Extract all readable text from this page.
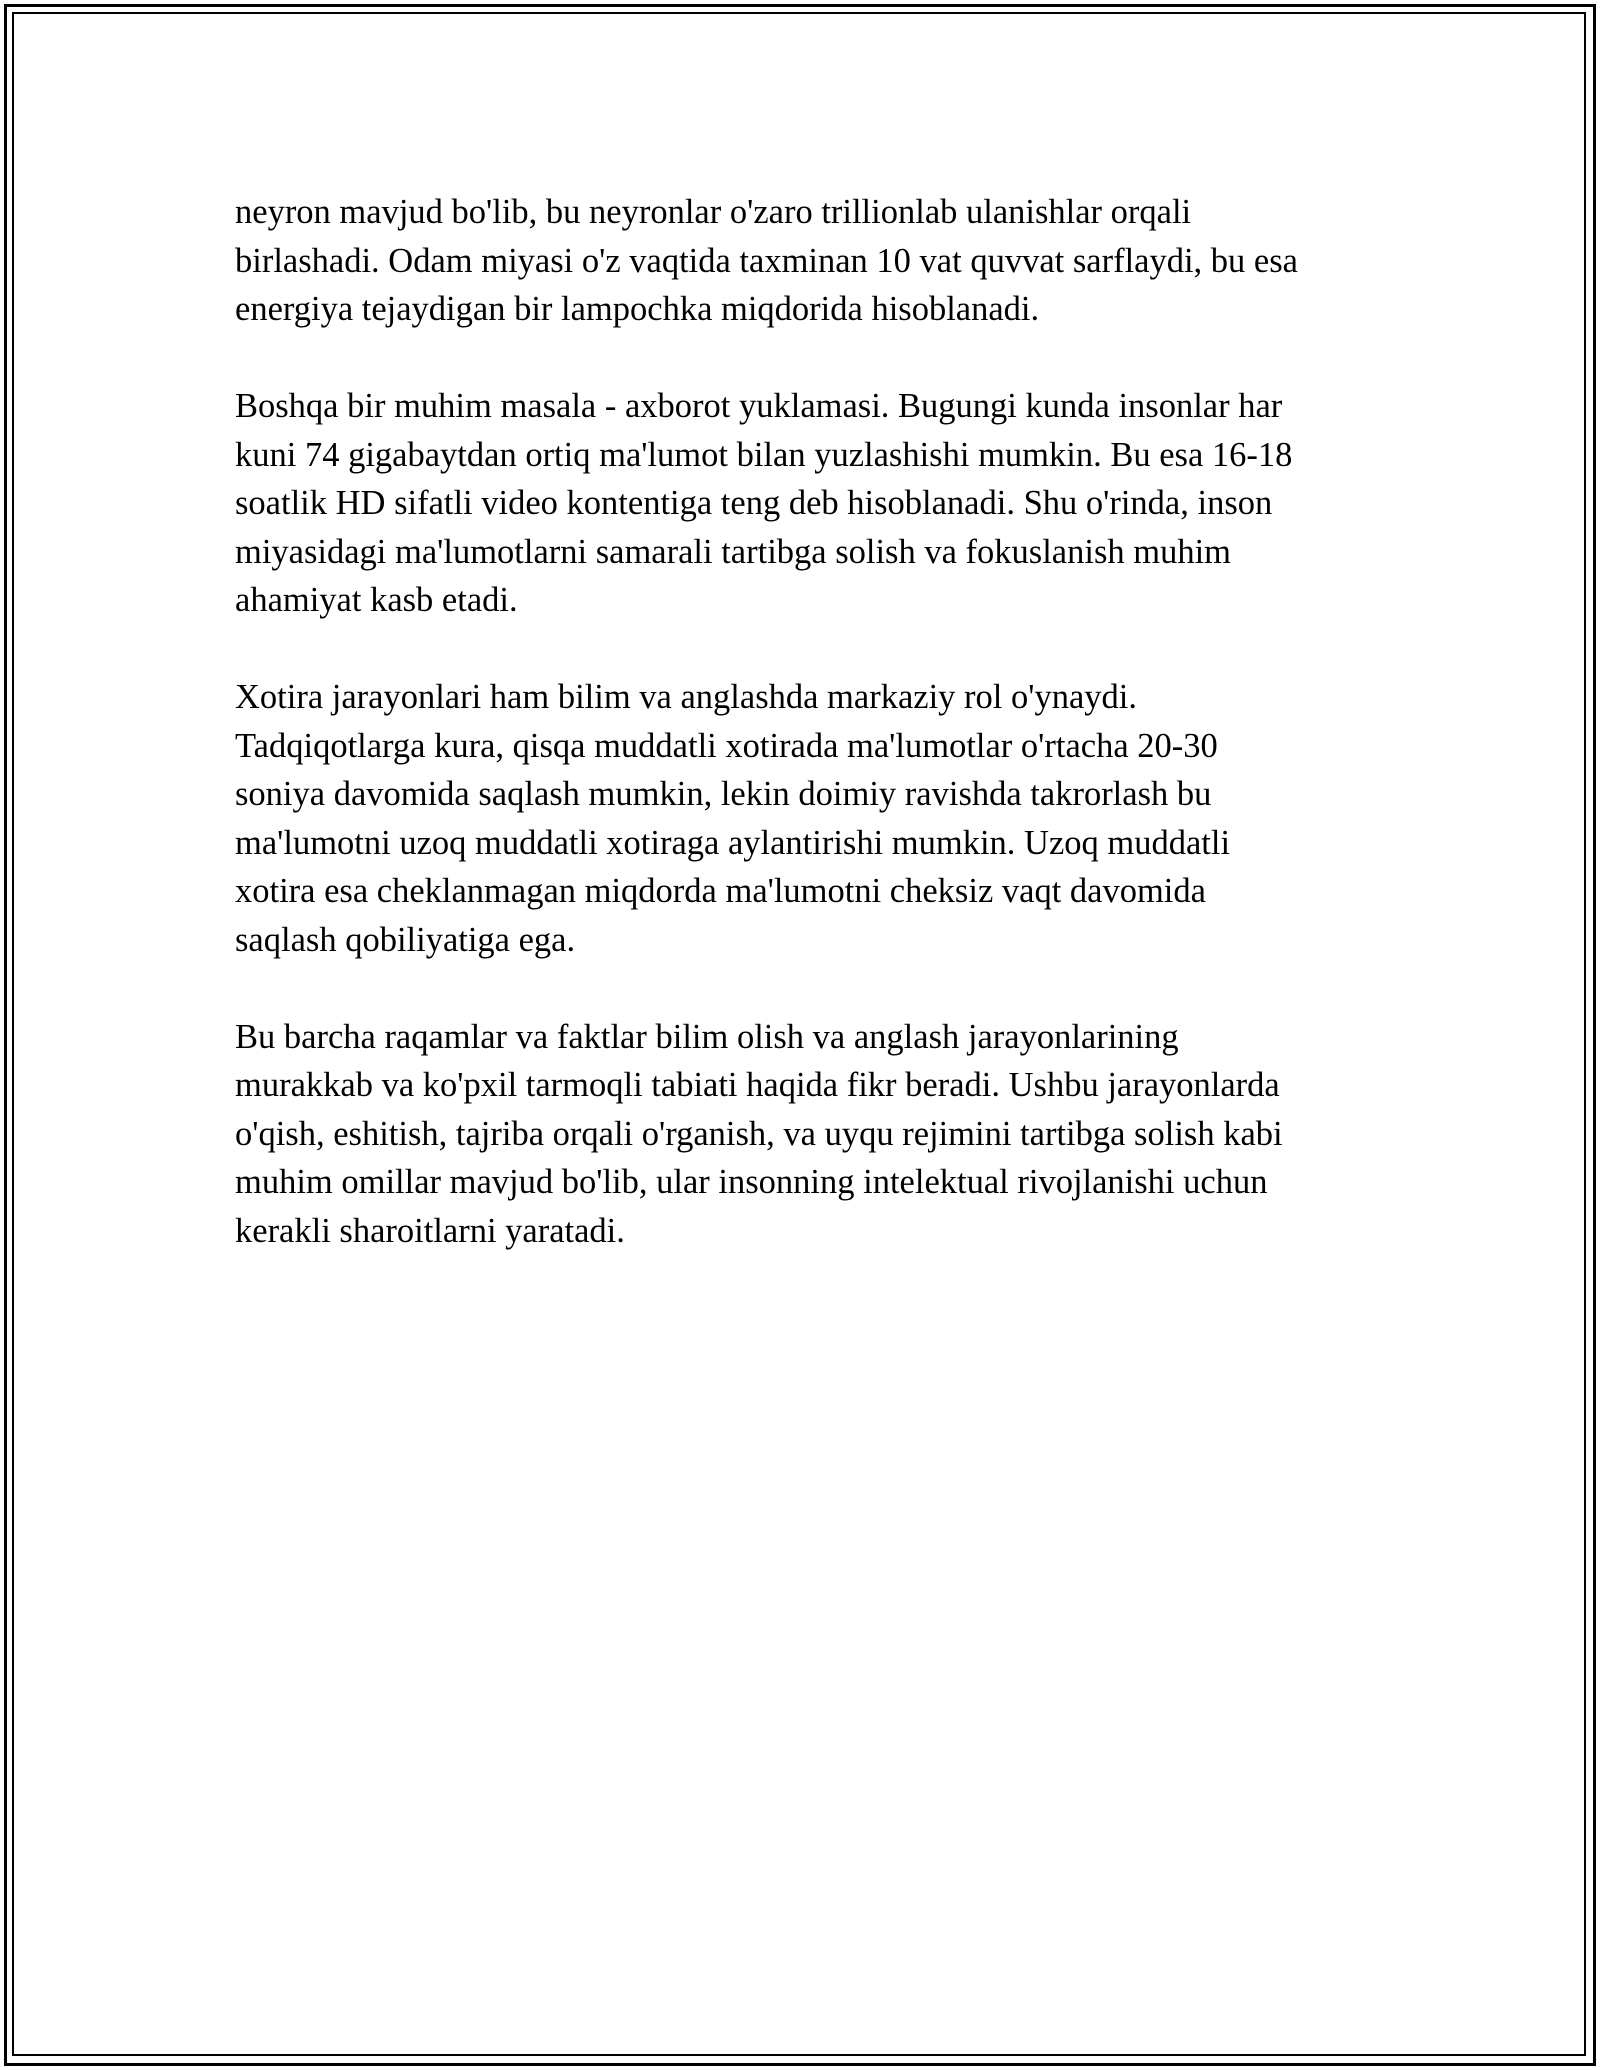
neyron mavjud bo'lib, bu neyronlar o'zaro trillionlab ulanishlar orqali
birlashadi. Odam miyasi o'z vaqtida taxminan 10 vat quvvat sarflaydi, bu esa
energiya tejaydigan bir lampochka miqdorida hisoblanadi.

Boshqa bir muhim masala - axborot yuklamasi. Bugungi kunda insonlar har
kuni 74 gigabaytdan ortiq ma'lumot bilan yuzlashishi mumkin. Bu esa 16-18
soatlik HD sifatli video kontentiga teng deb hisoblanadi. Shu o'rinda, inson
miyasidagi ma'lumotlarni samarali tartibga solish va fokuslanish muhim
ahamiyat kasb etadi.

Xotira jarayonlari ham bilim va anglashda markaziy rol o'ynaydi.
Tadqiqotlarga kura, qisqa muddatli xotirada ma'lumotlar o'rtacha 20-30
soniya davomida saqlash mumkin, lekin doimiy ravishda takrorlash bu
ma'lumotni uzoq muddatli xotiraga aylantirishi mumkin. Uzoq muddatli
xotira esa cheklanmagan miqdorda ma'lumotni cheksiz vaqt davomida
saqlash qobiliyatiga ega.

Bu barcha raqamlar va faktlar bilim olish va anglash jarayonlarining
murakkab va ko'pxil tarmoqli tabiati haqida fikr beradi. Ushbu jarayonlarda
o'qish, eshitish, tajriba orqali o'rganish, va uyqu rejimini tartibga solish kabi
muhim omillar mavjud bo'lib, ular insonning intelektual rivojlanishi uchun
kerakli sharoitlarni yaratadi.
